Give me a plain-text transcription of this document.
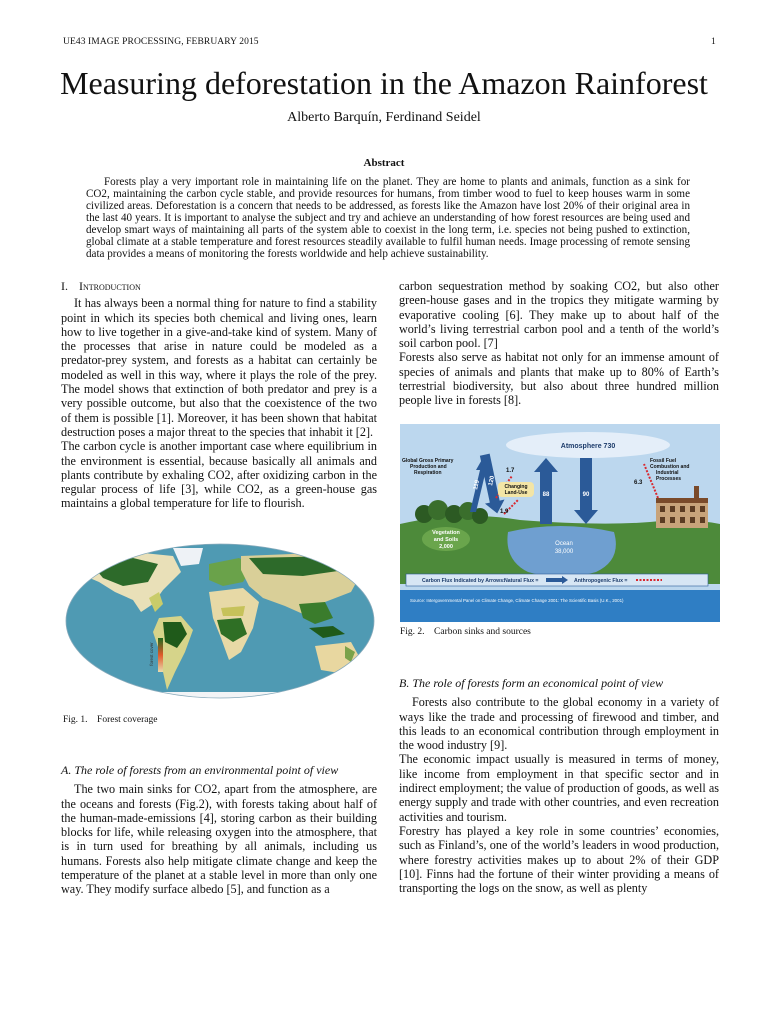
UE43 IMAGE PROCESSING, FEBRUARY 2015	1
Measuring deforestation in the Amazon Rainforest
Alberto Barquín, Ferdinand Seidel
Abstract

Forests play a very important role in maintaining life on the planet. They are home to plants and animals, function as a sink for CO2, maintaining the carbon cycle stable, and provide resources for humans, from timber wood to fuel to keep houses warm in some civilized areas. Deforestation is a concern that needs to be addressed, as forests like the Amazon have lost 20% of their original area in the last 40 years. It is important to analyse the subject and try and achieve an understanding of how forest resources are being used and develop smart ways of maintaining all parts of the system able to coexist in the long term, i.e. species not being pushed to extinction, global climate at a stable temperature and forest resources steadily available to fulfil human needs. Image processing of remote sensing data provides a means of monitoring the forests worldwide and help achieve sustainability.

I. Introduction

It has always been a normal thing for nature to find a stability point in which its species both chemical and living ones, learn how to live together in a give-and-take kind of system. Many of the processes that arise in nature could be modeled as a predator-prey system, and forests as a habitat can certainly be modeled as well in this way, where it plays the role of the prey. The model shows that extinction of both predator and prey is a very possible outcome, but also that the coexistence of the two of them is possible [1]. Moreover, it has been shown that habitat destruction poses a major threat to the species that inhabit it [2].

The carbon cycle is another important case where equilibrium in the environment is essential, because basically all animals and plants contribute by exhaling CO2, after oxidizing carbon in the regular process of life [3], while CO2, as a green-house gas maintains a global temperature for life to flourish.

forest cover

Fig. 1. Forest coverage

A. The role of forests from an environmental point of view

The two main sinks for CO2, apart from the atmosphere, are the oceans and forests (Fig.2), with forests taking about half of the human-made-emissions [4], storing carbon as their building blocks for life, while releasing oxygen into the atmosphere, that is in turn used for breathing by all animals, including us humans. Forests also help mitigate climate change and keep the temperature of the planet at a stable level in more than only one way. They modify surface albedo [5], and function as a

carbon sequestration method by soaking CO2, but also other green-house gases and in the tropics they mitigate warming by evaporative cooling [6]. They make up to about half of the world’s living terrestrial carbon pool and a tenth of the world’s soil carbon pool. [7]

Forests also serve as habitat not only for an immense amount of species of animals and plants that make up to 80% of Earth’s terrestrial biodiversity, but also about three hundred million people live in forests [8].

Atmosphere 730
Ocean
38,000
Vegetation
and Soils
2,000
Global Gross Primary
Production and
Respiration
119 120
1.7
1.9
Changing
Land-Use	88	90
Fossil Fuel
Combustion and
Industrial
Processes
6.3
Carbon Flux Indicated by Arrows: Natural Flux =	Anthropogenic Flux =
Source: Intergovernmental Panel on Climate Change, Climate Change 2001: The Scientific Basis (U.K., 2001)

Fig. 2. Carbon sinks and sources

B. The role of forests form an economical point of view

Forests also contribute to the global economy in a variety of ways like the trade and processing of firewood and timber, and this leads to an economical contribution through employment in the wood industry [9].

The economic impact usually is measured in terms of money, like income from employment in that specific sector and in indirect employment; the value of production of goods, as well as energy supply and trade with other countries, and even recreation activities and tourism.

Forestry has played a key role in some countries’ economies, such as Finland’s, one of the world’s leaders in wood production, where forestry activities makes up to about 2% of their GDP [10]. Finns had the fortune of their winter providing a means of transporting the logs on the snow, as well as plenty
